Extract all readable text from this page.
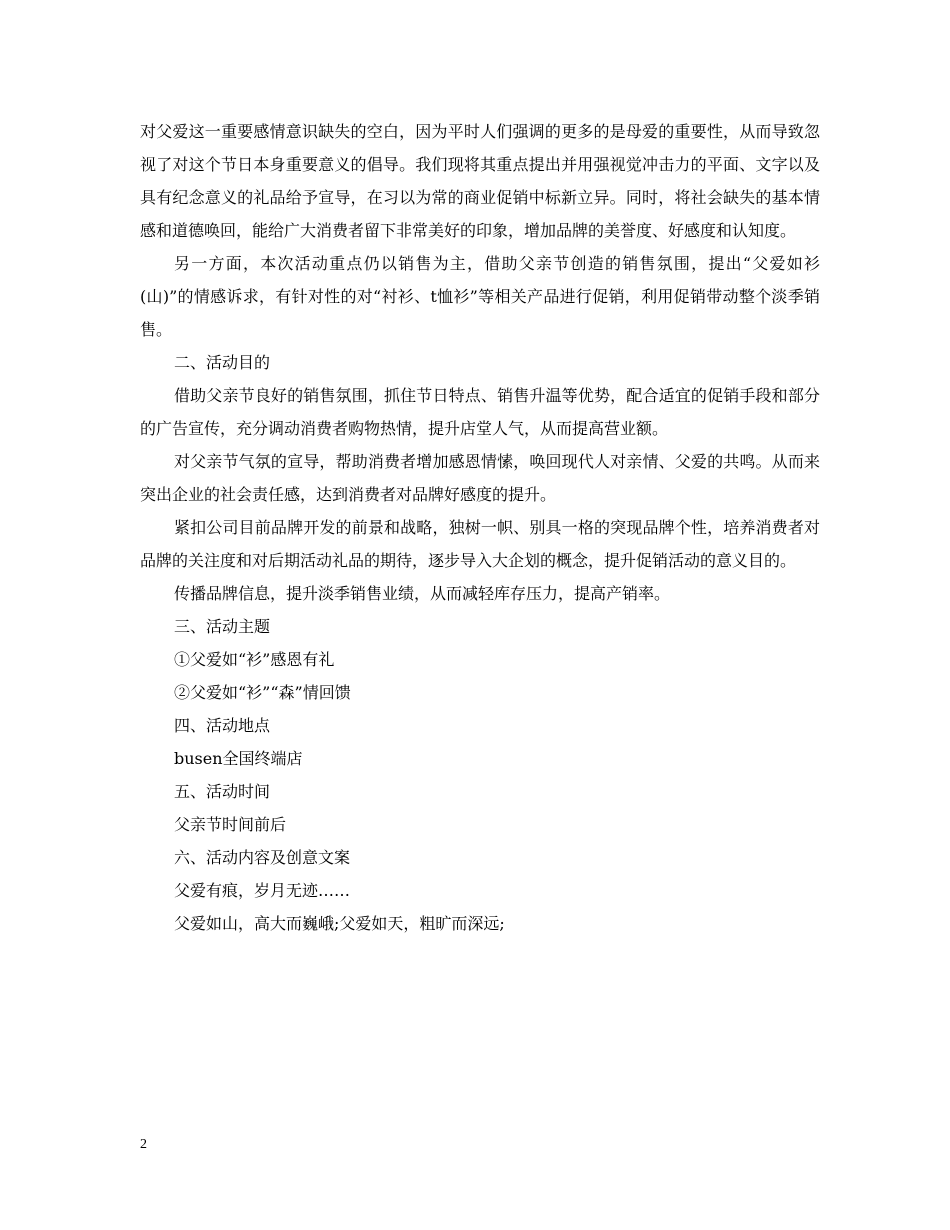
对父爱这一重要感情意识缺失的空白，因为平时人们强调的更多的是母爱的重要性，从而导致忽视了对这个节日本身重要意义的倡导。我们现将其重点提出并用强视觉冲击力的平面、文字以及具有纪念意义的礼品给予宣导，在习以为常的商业促销中标新立异。同时，将社会缺失的基本情感和道德唤回，能给广大消费者留下非常美好的印象，增加品牌的美誉度、好感度和认知度。

另一方面，本次活动重点仍以销售为主，借助父亲节创造的销售氛围，提出“父爱如衫(山)”的情感诉求，有针对性的对“衬衫、t恤衫”等相关产品进行促销，利用促销带动整个淡季销售。

二、活动目的

借助父亲节良好的销售氛围，抓住节日特点、销售升温等优势，配合适宜的促销手段和部分的广告宣传，充分调动消费者购物热情，提升店堂人气，从而提高营业额。

对父亲节气氛的宣导，帮助消费者增加感恩情愫，唤回现代人对亲情、父爱的共鸣。从而来突出企业的社会责任感，达到消费者对品牌好感度的提升。

紧扣公司目前品牌开发的前景和战略，独树一帜、别具一格的突现品牌个性，培养消费者对品牌的关注度和对后期活动礼品的期待，逐步导入大企划的概念，提升促销活动的意义目的。

传播品牌信息，提升淡季销售业绩，从而减轻库存压力，提高产销率。

三、活动主题

①父爱如“衫”感恩有礼

②父爱如“衫”“森”情回馈

四、活动地点

busen全国终端店

五、活动时间

父亲节时间前后

六、活动内容及创意文案

父爱有痕，岁月无迹……

父爱如山，高大而巍峨;父爱如天，粗旷而深远;

2
